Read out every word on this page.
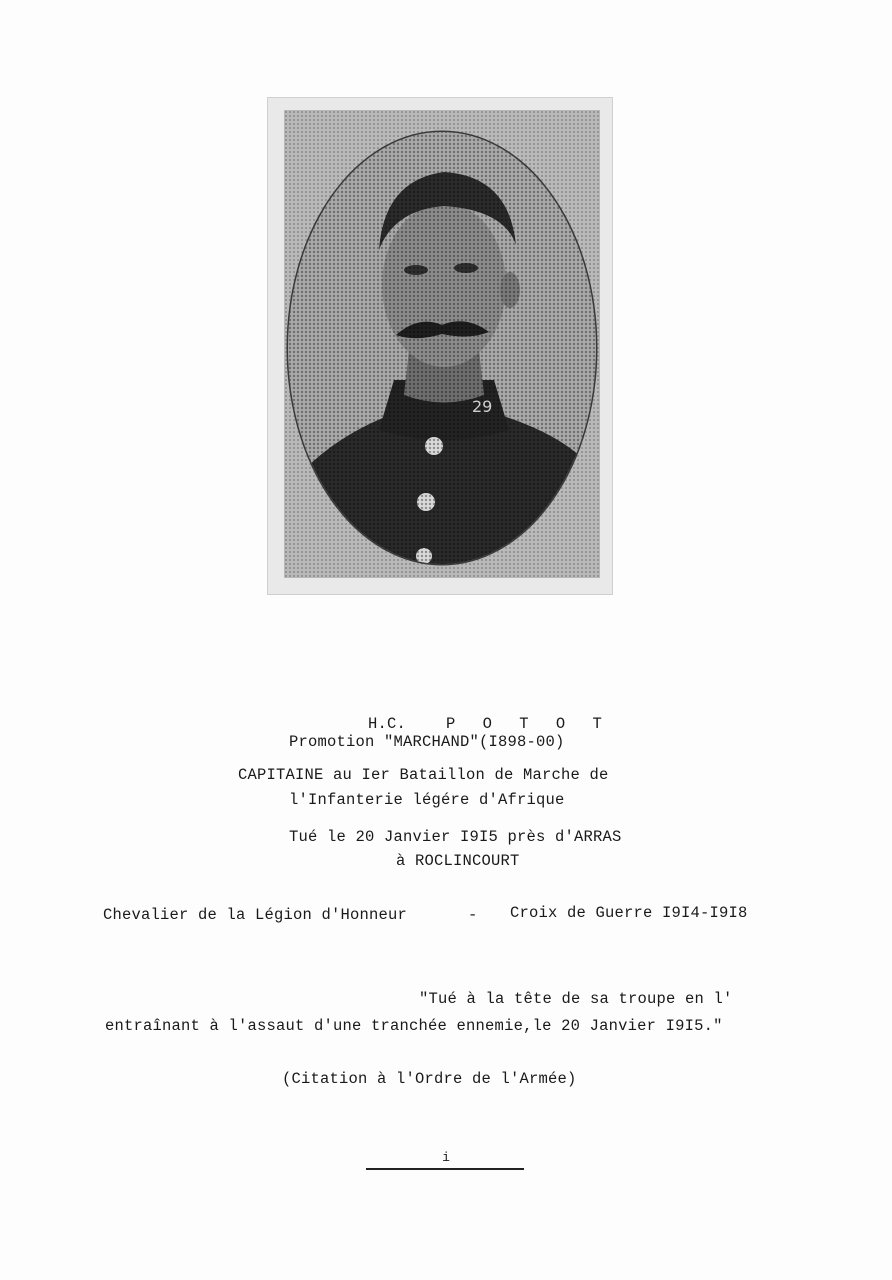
29

H.C.	P O T O T

Promotion "MARCHAND"(I898-00)
CAPITAINE au Ier Bataillon de Marche de
l'Infanterie légére d'Afrique
Tué le 20 Janvier I9I5 près d'ARRAS
à ROCLINCOURT
Chevalier de la Légion d'Honneur	- Croix de Guerre I9I4-I9I8
"Tué à la tête de sa troupe en l'
entraînant à l'assaut d'une tranchée ennemie,le 20 Janvier I9I5."
(Citation à l'Ordre de l'Armée)
i
